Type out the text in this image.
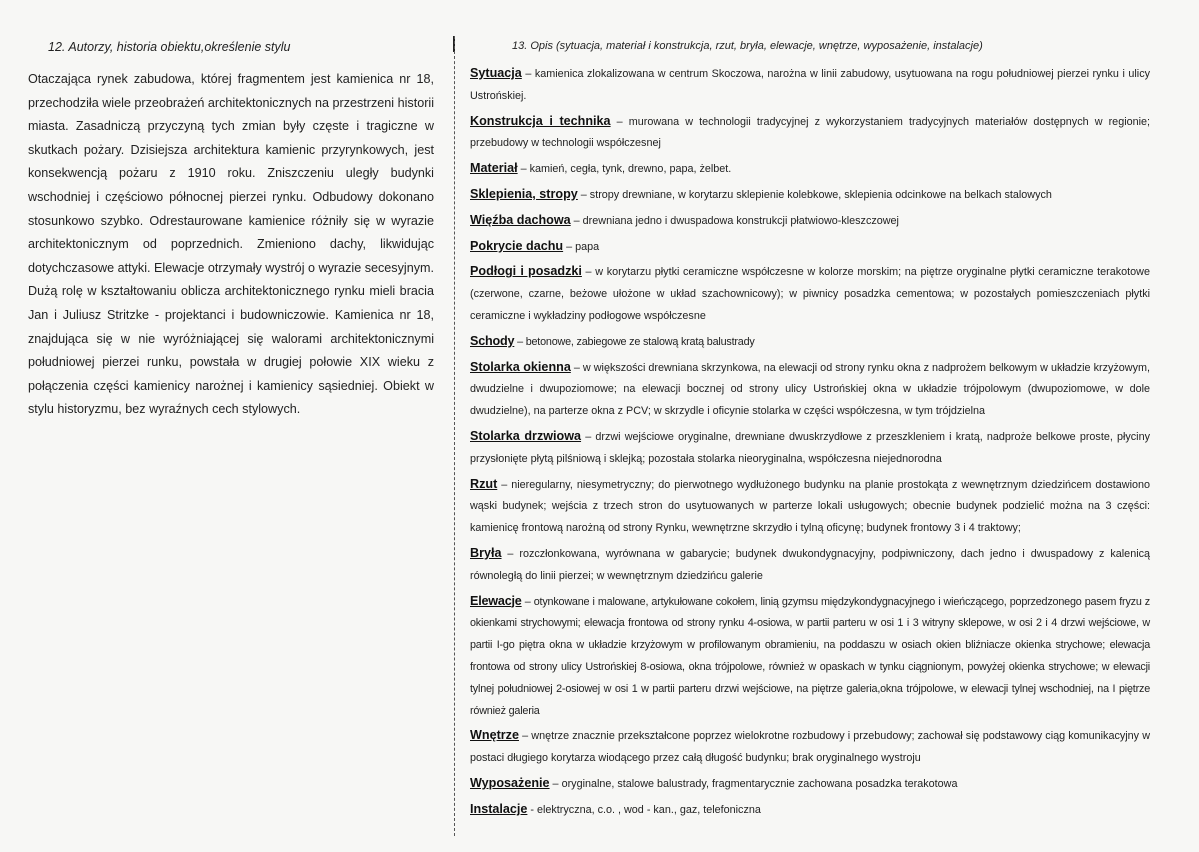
12. Autorzy, historia obiektu,określenie stylu

Otaczająca rynek zabudowa, której fragmentem jest kamienica nr 18, przechodziła wiele przeobrażeń architektonicznych na przestrzeni historii miasta. Zasadniczą przyczyną tych zmian były częste i tragiczne w skutkach pożary. Dzisiejsza architektura kamienic przyrynkowych, jest konsekwencją pożaru z 1910 roku. Zniszczeniu uległy budynki wschodniej i częściowo północnej pierzei rynku. Odbudowy dokonano stosunkowo szybko. Odrestaurowane kamienice różniły się w wyrazie architektonicznym od poprzednich. Zmieniono dachy, likwidując dotychczasowe attyki. Elewacje otrzymały wystrój o wyrazie secesyjnym. Dużą rolę w kształtowaniu oblicza architektonicznego rynku mieli bracia Jan i Juliusz Stritzke - projektanci i budowniczowie. Kamienica nr 18, znajdująca się w nie wyróżniającej się walorami architektonicznymi południowej pierzei runku, powstała w drugiej połowie XIX wieku z połączenia części kamienicy narożnej i kamienicy sąsiedniej. Obiekt w stylu historyzmu, bez wyraźnych cech stylowych.

13. Opis (sytuacja, materiał i konstrukcja, rzut, bryła, elewacje, wnętrze, wyposażenie, instalacje)
Sytuacja – kamienica zlokalizowana w centrum Skoczowa, narożna w linii zabudowy, usytuowana na rogu południowej pierzei rynku i ulicy Ustrońskiej.
Konstrukcja i technika – murowana w technologii tradycyjnej z wykorzystaniem tradycyjnych materiałów dostępnych w regionie; przebudowy w technologii współczesnej
Materiał – kamień, cegła, tynk, drewno, papa, żelbet.
Sklepienia, stropy – stropy drewniane, w korytarzu sklepienie kolebkowe, sklepienia odcinkowe na belkach stalowych
Więźba dachowa – drewniana jedno i dwuspadowa konstrukcji płatwiowo-kleszczowej
Pokrycie dachu – papa
Podłogi i posadzki – w korytarzu płytki ceramiczne współczesne w kolorze morskim; na piętrze oryginalne płytki ceramiczne terakotowe (czerwone, czarne, beżowe ułożone w układ szachownicowy); w piwnicy posadzka cementowa; w pozostałych pomieszczeniach płytki ceramiczne i wykładziny podłogowe współczesne
Schody – betonowe, zabiegowe ze stalową kratą balustrady
Stolarka okienna – w większości drewniana skrzynkowa, na elewacji od strony rynku okna z nadprożem belkowym w układzie krzyżowym, dwudzielne i dwupoziomowe; na elewacji bocznej od strony ulicy Ustrońskiej okna w układzie trójpolowym (dwupoziomowe, w dole dwudzielne), na parterze okna z PCV; w skrzydle i oficynie stolarka w części współczesna, w tym trójdzielna
Stolarka drzwiowa – drzwi wejściowe oryginalne, drewniane dwuskrzydłowe z przeszkleniem i kratą, nadproże belkowe proste, płyciny przysłonięte płytą pilśniową i sklejką; pozostała stolarka nieoryginalna, współczesna niejednorodna
Rzut – nieregularny, niesymetryczny; do pierwotnego wydłużonego budynku na planie prostokąta z wewnętrznym dziedzińcem dostawiono wąski budynek; wejścia z trzech stron do usytuowanych w parterze lokali usługowych; obecnie budynek podzielić można na 3 części: kamienicę frontową narożną od strony Rynku, wewnętrzne skrzydło i tylną oficynę; budynek frontowy 3 i 4 traktowy;
Bryła – rozczłonkowana, wyrównana w gabarycie; budynek dwukondygnacyjny, podpiwniczony, dach jedno i dwuspadowy z kalenicą równoległą do linii pierzei; w wewnętrznym dziedzińcu galerie
Elewacje – otynkowane i malowane, artykułowane cokołem, linią gzymsu międzykondygnacyjnego i wieńczącego, poprzedzonego pasem fryzu z okienkami strychowymi; elewacja frontowa od strony rynku 4-osiowa, w partii parteru w osi 1 i 3 witryny sklepowe, w osi 2 i 4 drzwi wejściowe, w partii I-go piętra okna w układzie krzyżowym w profilowanym obramieniu, na poddaszu w osiach okien bliźniacze okienka strychowe; elewacja frontowa od strony ulicy Ustrońskiej 8-osiowa, okna trójpolowe, również w opaskach w tynku ciągnionym, powyżej okienka strychowe; w elewacji tylnej południowej 2-osiowej w osi 1 w partii parteru drzwi wejściowe, na piętrze galeria,okna trójpolowe, w elewacji tylnej wschodniej, na I piętrze również galeria
Wnętrze – wnętrze znacznie przekształcone poprzez wielokrotne rozbudowy i przebudowy; zachował się podstawowy ciąg komunikacyjny w postaci długiego korytarza wiodącego przez całą długość budynku; brak oryginalnego wystroju
Wyposażenie – oryginalne, stalowe balustrady, fragmentarycznie zachowana posadzka terakotowa
Instalacje - elektryczna, c.o. , wod - kan., gaz, telefoniczna
